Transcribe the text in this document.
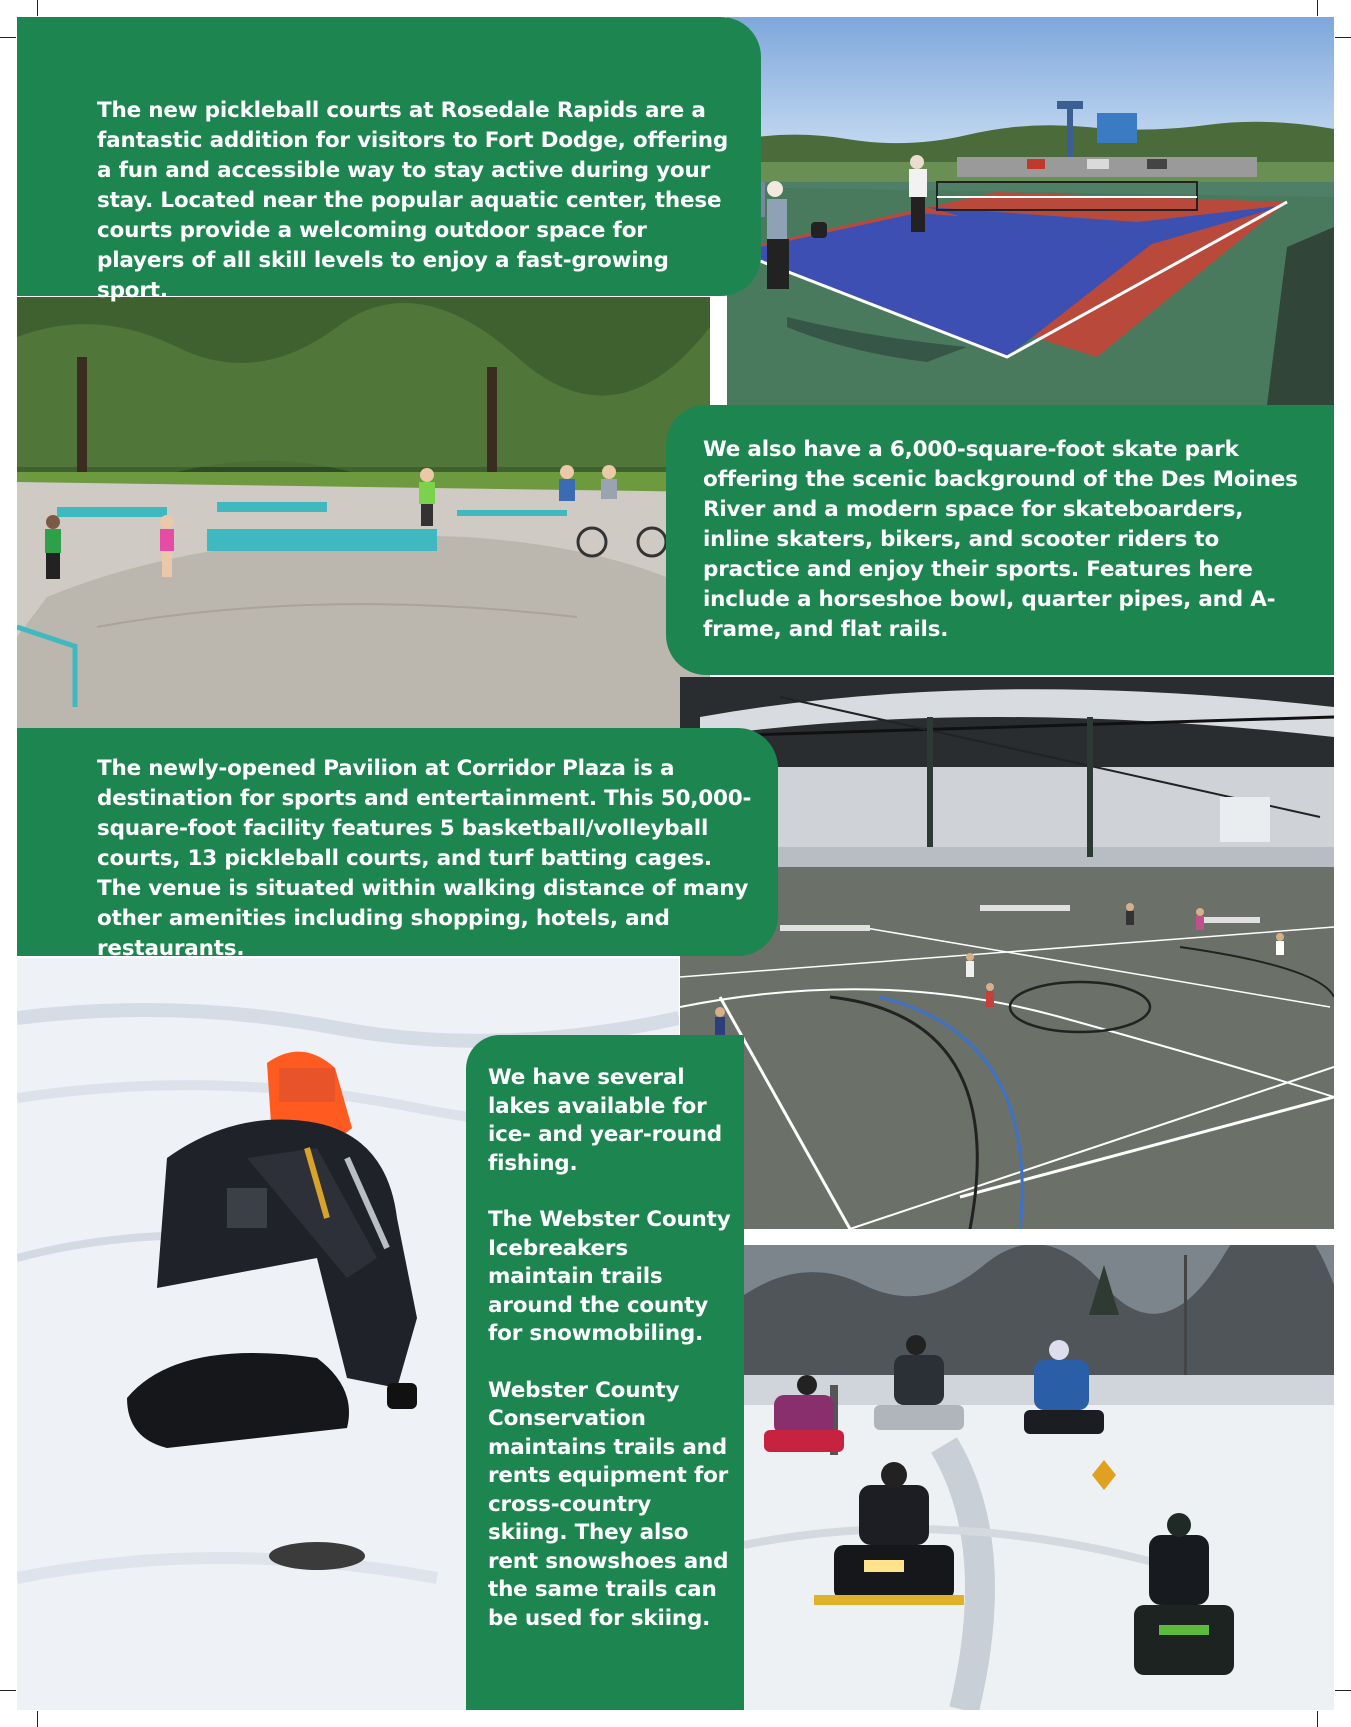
The new pickleball courts at Rosedale Rapids are a fantastic addition for visitors to Fort Dodge, offering a fun and accessible way to stay active during your stay. Located near the popular aquatic center, these courts provide a welcoming outdoor space for players of all skill levels to enjoy a fast-growing sport.

We also have a 6,000-square-foot skate park offering the scenic background of the Des Moines River and a modern space for skateboarders, inline skaters, bikers, and scooter riders to practice and enjoy their sports. Features here include a horseshoe bowl, quarter pipes, and A-frame, and flat rails.

The newly-opened Pavilion at Corridor Plaza is a destination for sports and entertainment. This 50,000-square-foot facility features 5 basketball/volleyball courts, 13 pickleball courts, and turf batting cages. The venue is situated within walking distance of many other amenities including shopping, hotels, and restaurants.

We have several lakes available for ice- and year-round fishing.

The Webster County Icebreakers maintain trails around the county for snowmobiling.

Webster County Conservation maintains trails and rents equipment for cross-country skiing. They also rent snowshoes and the same trails can be used for skiing.
